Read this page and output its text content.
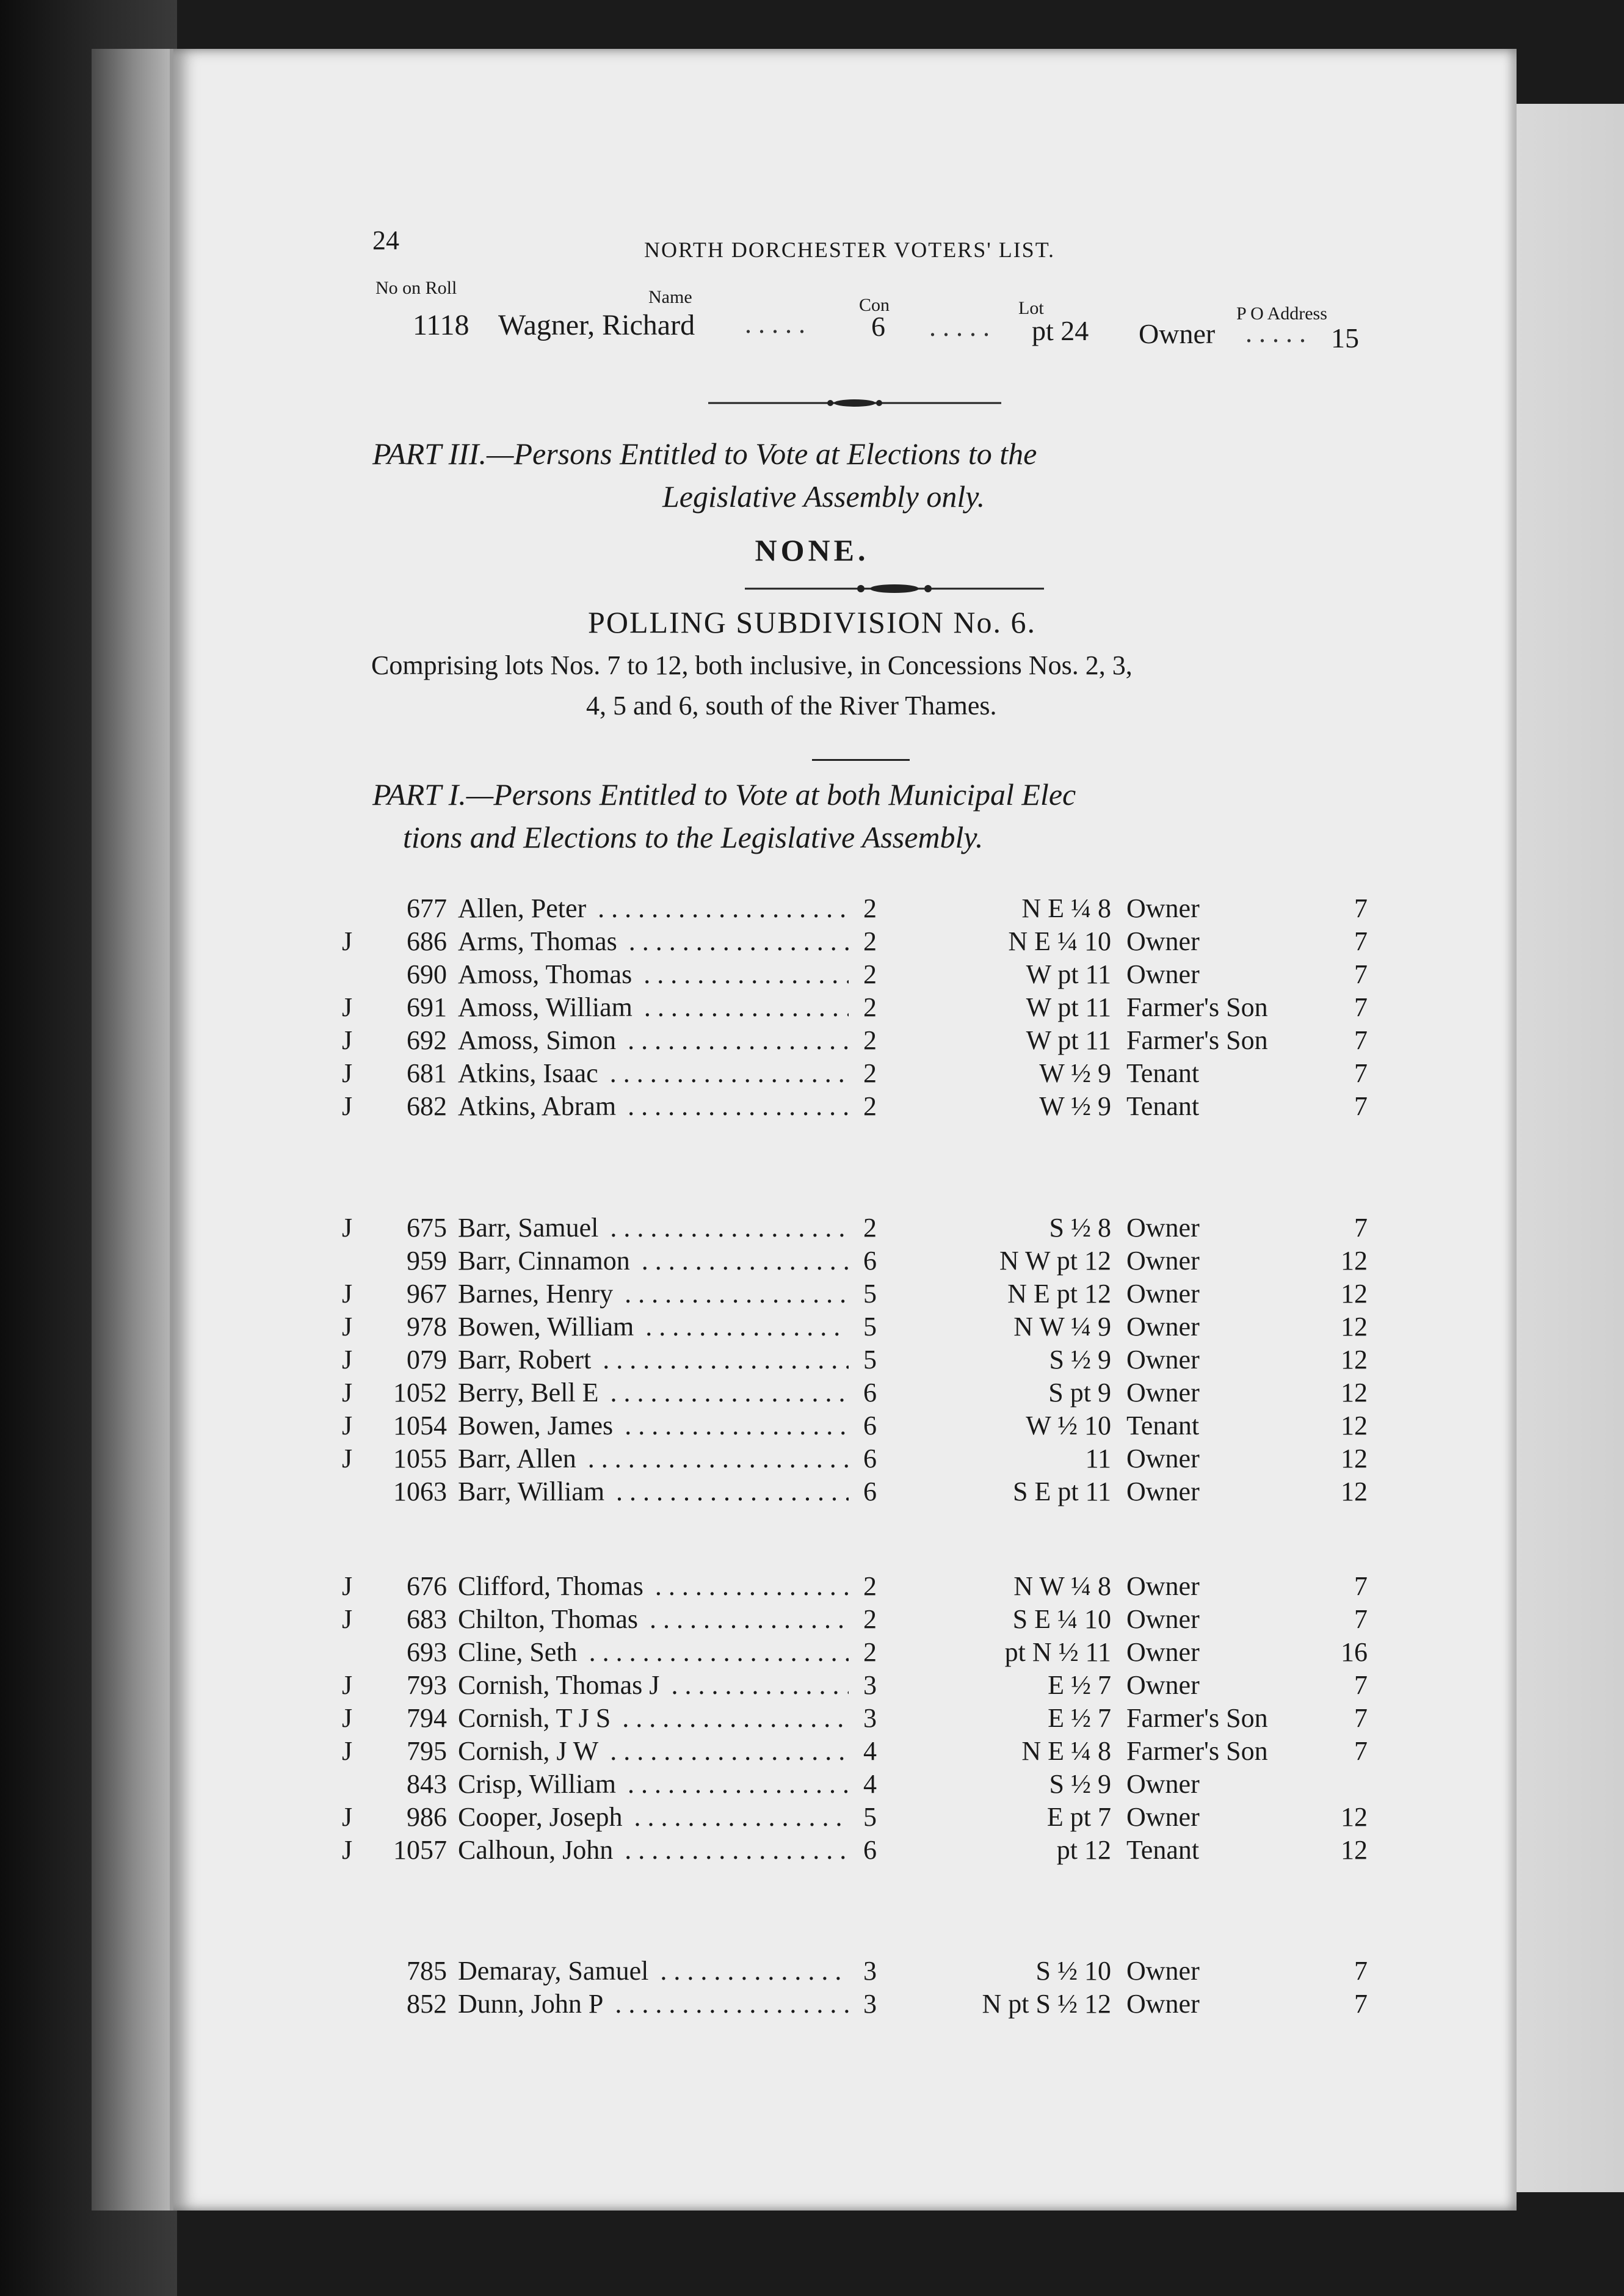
24	NORTH DORCHESTER VOTERS' LIST.
No on Roll	Name	Con	Lot	P O Address
1118 Wagner, Richard . . . . . 6 . . . . . pt 24 Owner . . . . . 15
PART III.—Persons Entitled to Vote at Elections to the
Legislative Assembly only.
NONE.
POLLING SUBDIVISION No. 6.
Comprising lots Nos. 7 to 12, both inclusive, in Concessions Nos. 2, 3,
4, 5 and 6, south of the River Thames.
PART I.—Persons Entitled to Vote at both Municipal Elec
tions and Elections to the Legislative Assembly.
677 Allen, Peter . . .	2	N E ¼ 8 Owner	7
J	686 Arms, Thomas . . .	2	N E ¼ 10 Owner	7
690 Amoss, Thomas . . .	2	W pt 11 Owner	7
J	691 Amoss, William . . .	2	W pt 11 Farmer's Son	7
J	692 Amoss, Simon . . .	2	W pt 11 Farmer's Son	7
J	681 Atkins, Isaac . . .	2	W ½ 9 Tenant	7
J	682 Atkins, Abram . . .	2	W ½ 9 Tenant	7
J	675 Barr, Samuel . . .	2	S ½ 8 Owner	7
959 Barr, Cinnamon . . .	6	N W pt 12 Owner	12
J	967 Barnes, Henry . . .	5	N E pt 12 Owner	12
J	978 Bowen, William . . .	5	N W ¼ 9 Owner	12
J	079 Barr, Robert . . .	5	S ½ 9 Owner	12
J	1052 Berry, Bell E . . .	6	S pt 9 Owner	12
J	1054 Bowen, James . . .	6	W ½ 10 Tenant	12
J	1055 Barr, Allen . . .	6	11 Owner	12
1063 Barr, William . . .	6	S E pt 11 Owner	12
J	676 Clifford, Thomas . . .	2	N W ¼ 8 Owner	7
J	683 Chilton, Thomas . . .	2	S E ¼ 10 Owner	7
693 Cline, Seth . . .	2	pt N ½ 11 Owner	16
J	793 Cornish, Thomas J . . .	3	E ½ 7 Owner	7
J	794 Cornish, T J S . . .	3	E ½ 7 Farmer's Son	7
J	795 Cornish, J W . . .	4	N E ¼ 8 Farmer's Son	7
843 Crisp, William . . .	4	S ½ 9 Owner
J	986 Cooper, Joseph . . .	5	E pt 7 Owner	12
J	1057 Calhoun, John . . .	6	pt 12 Tenant	12
785 Demaray, Samuel . . .	3	S ½ 10 Owner	7
852 Dunn, John P . . .	3	N pt S ½ 12 Owner	7
